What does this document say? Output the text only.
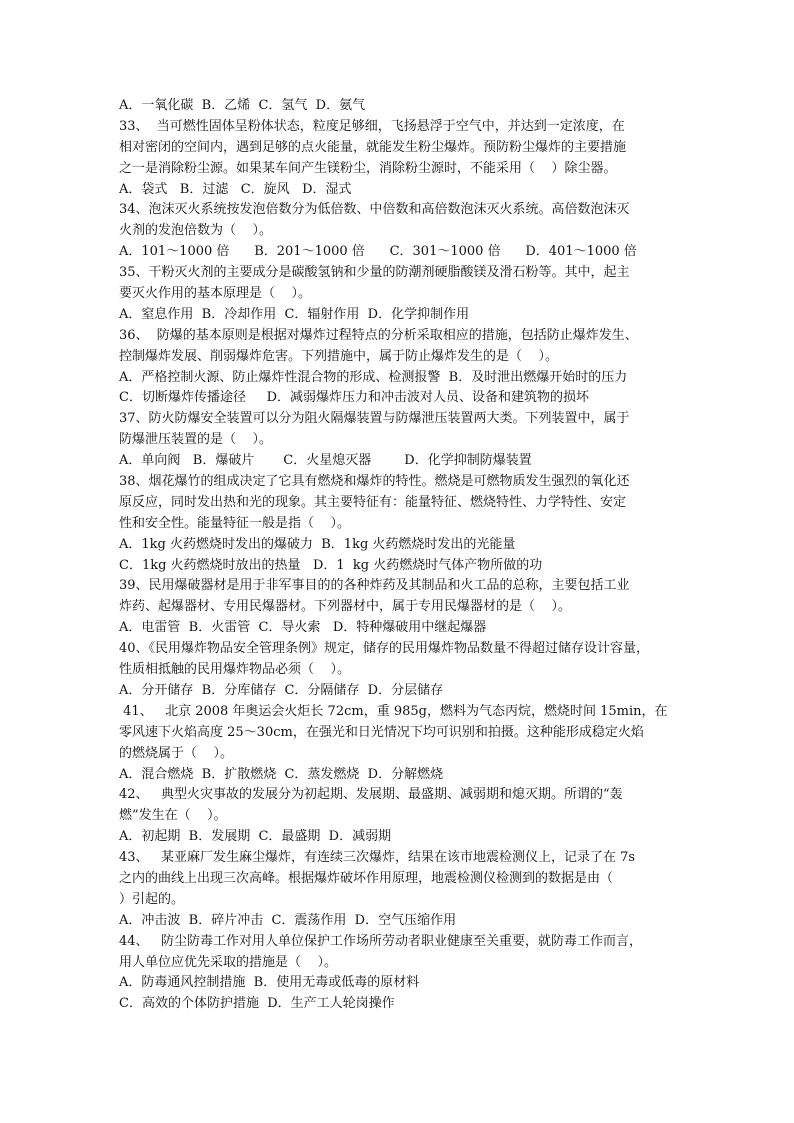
A．一氧化碳  B．乙烯  C．氢气  D．氨气
33、  当可燃性固体呈粉体状态，粒度足够细，飞扬悬浮于空气中，并达到一定浓度，在
相对密闭的空间内，遇到足够的点火能量，就能发生粉尘爆炸。预防粉尘爆炸的主要措施
之一是消除粉尘源。如果某车间产生镁粉尘，消除粉尘源时，不能采用（    ）除尘器。
A．袋式   B．过滤   C．旋风   D．湿式
34、泡沫灭火系统按发泡倍数分为低倍数、中倍数和高倍数泡沫灭火系统。高倍数泡沫灭
火剂的发泡倍数为（    ）。
A．101～1000 倍      B．201～1000 倍      C．301～1000 倍      D．401～1000 倍
35、干粉灭火剂的主要成分是碳酸氢钠和少量的防潮剂硬脂酸镁及滑石粉等。其中，起主
要灭火作用的基本原理是（    ）。
A．窒息作用  B．冷却作用  C．辐射作用  D．化学抑制作用
36、  防爆的基本原则是根据对爆炸过程特点的分析采取相应的措施，包括防止爆炸发生、
控制爆炸发展、削弱爆炸危害。下列措施中，属于防止爆炸发生的是（    ）。
A．严格控制火源、防止爆炸性混合物的形成、检测报警  B．及时泄出燃爆开始时的压力
C．切断爆炸传播途径     D．减弱爆炸压力和冲击波对人员、设备和建筑物的损坏
37、防火防爆安全装置可以分为阻火隔爆装置与防爆泄压装置两大类。下列装置中，属于
防爆泄压装置的是（    ）。
A．单向阀   B．爆破片       C．火星熄灭器        D．化学抑制防爆装置
38、烟花爆竹的组成决定了它具有燃烧和爆炸的特性。燃烧是可燃物质发生强烈的氧化还
原反应，同时发出热和光的现象。其主要特征有：能量特征、燃烧特性、力学特性、安定
性和安全性。能量特征一般是指（    ）。
A．1kg 火药燃烧时发出的爆破力  B．1kg 火药燃烧时发出的光能量
C．1kg 火药燃烧时放出的热量   D．1  kg 火药燃烧时气体产物所做的功
39、民用爆破器材是用于非军事目的的各种炸药及其制品和火工品的总称，主要包括工业
炸药、起爆器材、专用民爆器材。下列器材中，属于专用民爆器材的是（    ）。
A．电雷管  B．火雷管  C．导火索   D．特种爆破用中继起爆器
40、《民用爆炸物品安全管理条例》规定，储存的民用爆炸物品数量不得超过储存设计容量，
性质相抵触的民用爆炸物品必须（    ）。
A．分开储存  B．分库储存  C．分隔储存  D．分层储存
41、   北京 2008 年奥运会火炬长 72cm，重 985g，燃料为气态丙烷，燃烧时间 15min，在
零风速下火焰高度 25～30cm，在强光和日光情况下均可识别和拍摄。这种能形成稳定火焰
的燃烧属于（    ）。
A．混合燃烧  B．扩散燃烧  C．蒸发燃烧  D．分解燃烧
42、   典型火灾事故的发展分为初起期、发展期、最盛期、减弱期和熄灭期。所谓的“轰
燃”发生在（    ）。
A．初起期  B．发展期  C．最盛期  D．减弱期
43、   某亚麻厂发生麻尘爆炸，有连续三次爆炸，结果在该市地震检测仪上，记录了在 7s
之内的曲线上出现三次高峰。根据爆炸破坏作用原理，地震检测仪检测到的数据是由（
）引起的。
A．冲击波  B．碎片冲击  C．震荡作用  D．空气压缩作用
44、   防尘防毒工作对用人单位保护工作场所劳动者职业健康至关重要，就防毒工作而言，
用人单位应优先采取的措施是（    ）。
A．防毒通风控制措施  B．使用无毒或低毒的原材料
C．高效的个体防护措施  D．生产工人轮岗操作
